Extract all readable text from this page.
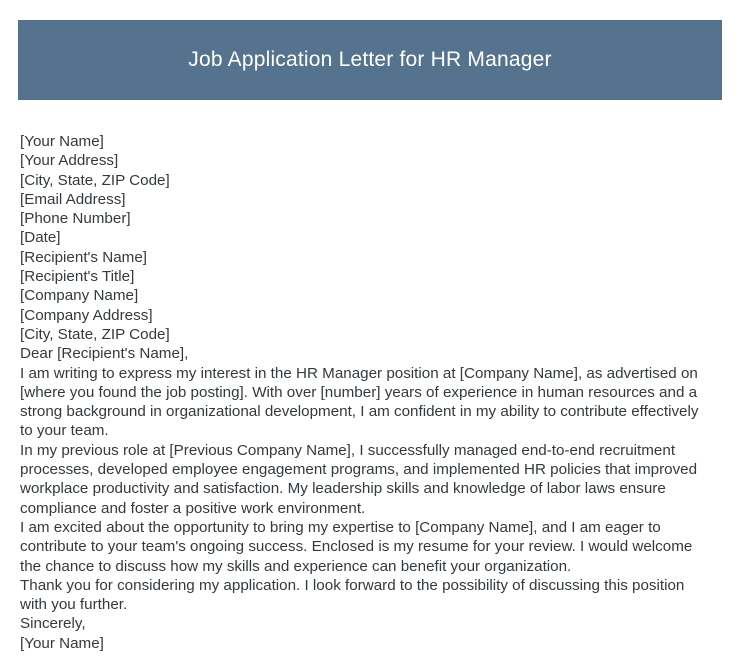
Job Application Letter for HR Manager
[Your Name]
[Your Address]
[City, State, ZIP Code]
[Email Address]
[Phone Number]
[Date]
[Recipient's Name]
[Recipient's Title]
[Company Name]
[Company Address]
[City, State, ZIP Code]
Dear [Recipient's Name],

I am writing to express my interest in the HR Manager position at [Company Name], as advertised on [where you found the job posting]. With over [number] years of experience in human resources and a strong background in organizational development, I am confident in my ability to contribute effectively to your team.

In my previous role at [Previous Company Name], I successfully managed end-to-end recruitment processes, developed employee engagement programs, and implemented HR policies that improved workplace productivity and satisfaction. My leadership skills and knowledge of labor laws ensure compliance and foster a positive work environment.

I am excited about the opportunity to bring my expertise to [Company Name], and I am eager to contribute to your team's ongoing success. Enclosed is my resume for your review. I would welcome the chance to discuss how my skills and experience can benefit your organization.

Thank you for considering my application. I look forward to the possibility of discussing this position with you further.

Sincerely,
[Your Name]
